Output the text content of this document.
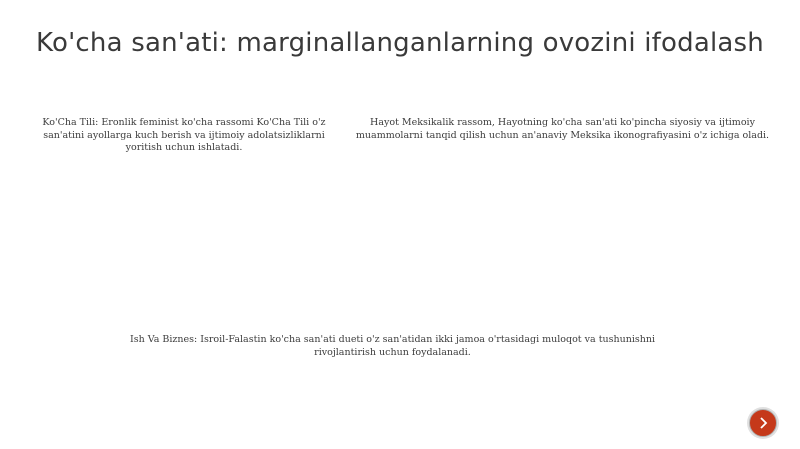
Ko'cha san'ati: marginallanganlarning ovozini ifodalash
Ko'Cha Tili: Eronlik feminist ko'cha rassomi Ko'Cha Tili o'z san'atini ayollarga kuch berish va ijtimoiy adolatsizliklarni yoritish uchun ishlatadi.
Hayot Meksikalik rassom, Hayotning ko'cha san'ati ko'pincha siyosiy va ijtimoiy muammolarni tanqid qilish uchun an'anaviy Meksika ikonografiyasini o'z ichiga oladi.
Ish Va Biznes: Isroil-Falastin ko'cha san'ati dueti o'z san'atidan ikki jamoa o'rtasidagi muloqot va tushunishni rivojlantirish uchun foydalanadi.
